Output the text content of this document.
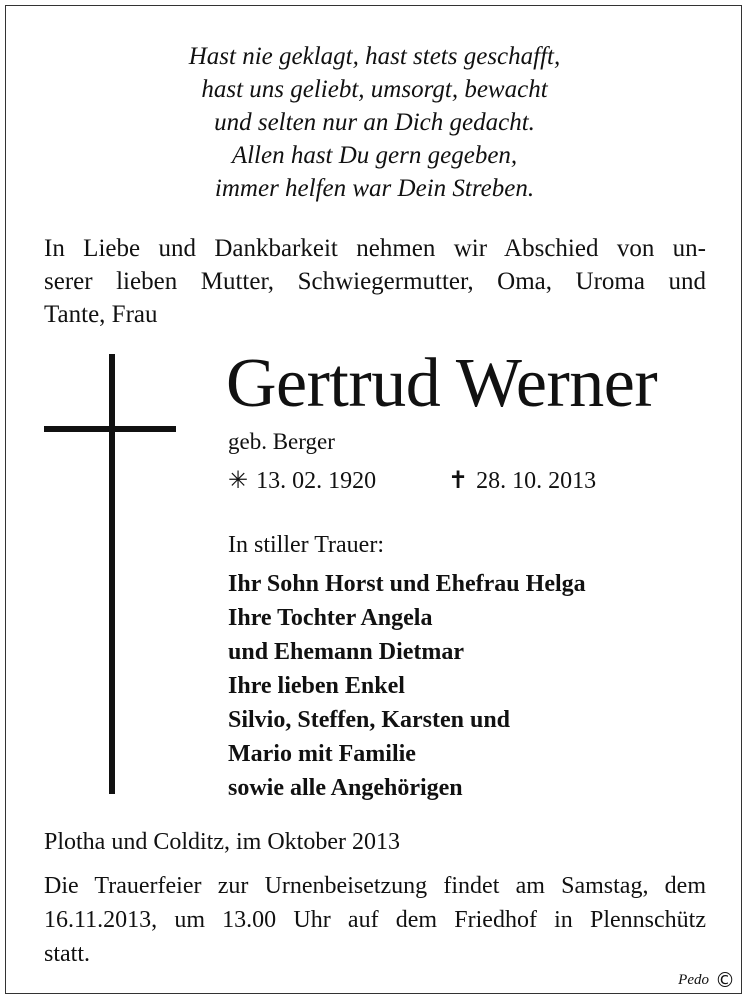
Hast nie geklagt, hast stets geschafft,
hast uns geliebt, umsorgt, bewacht
und selten nur an Dich gedacht.
Allen hast Du gern gegeben,
immer helfen war Dein Streben.
In Liebe und Dankbarkeit nehmen wir Abschied von un-
serer lieben Mutter, Schwiegermutter, Oma, Uroma und
Tante, Frau
Gertrud Werner
geb. Berger
✳ 13. 02. 1920	✝ 28. 10. 2013
In stiller Trauer:
Ihr Sohn Horst und Ehefrau Helga
Ihre Tochter Angela
und Ehemann Dietmar
Ihre lieben Enkel
Silvio, Steffen, Karsten und
Mario mit Familie
sowie alle Angehörigen
Plotha und Colditz, im Oktober 2013
Die Trauerfeier zur Urnenbeisetzung findet am Samstag, dem
16.11.2013, um 13.00 Uhr auf dem Friedhof in Plennschütz
statt.
Pedo ©
